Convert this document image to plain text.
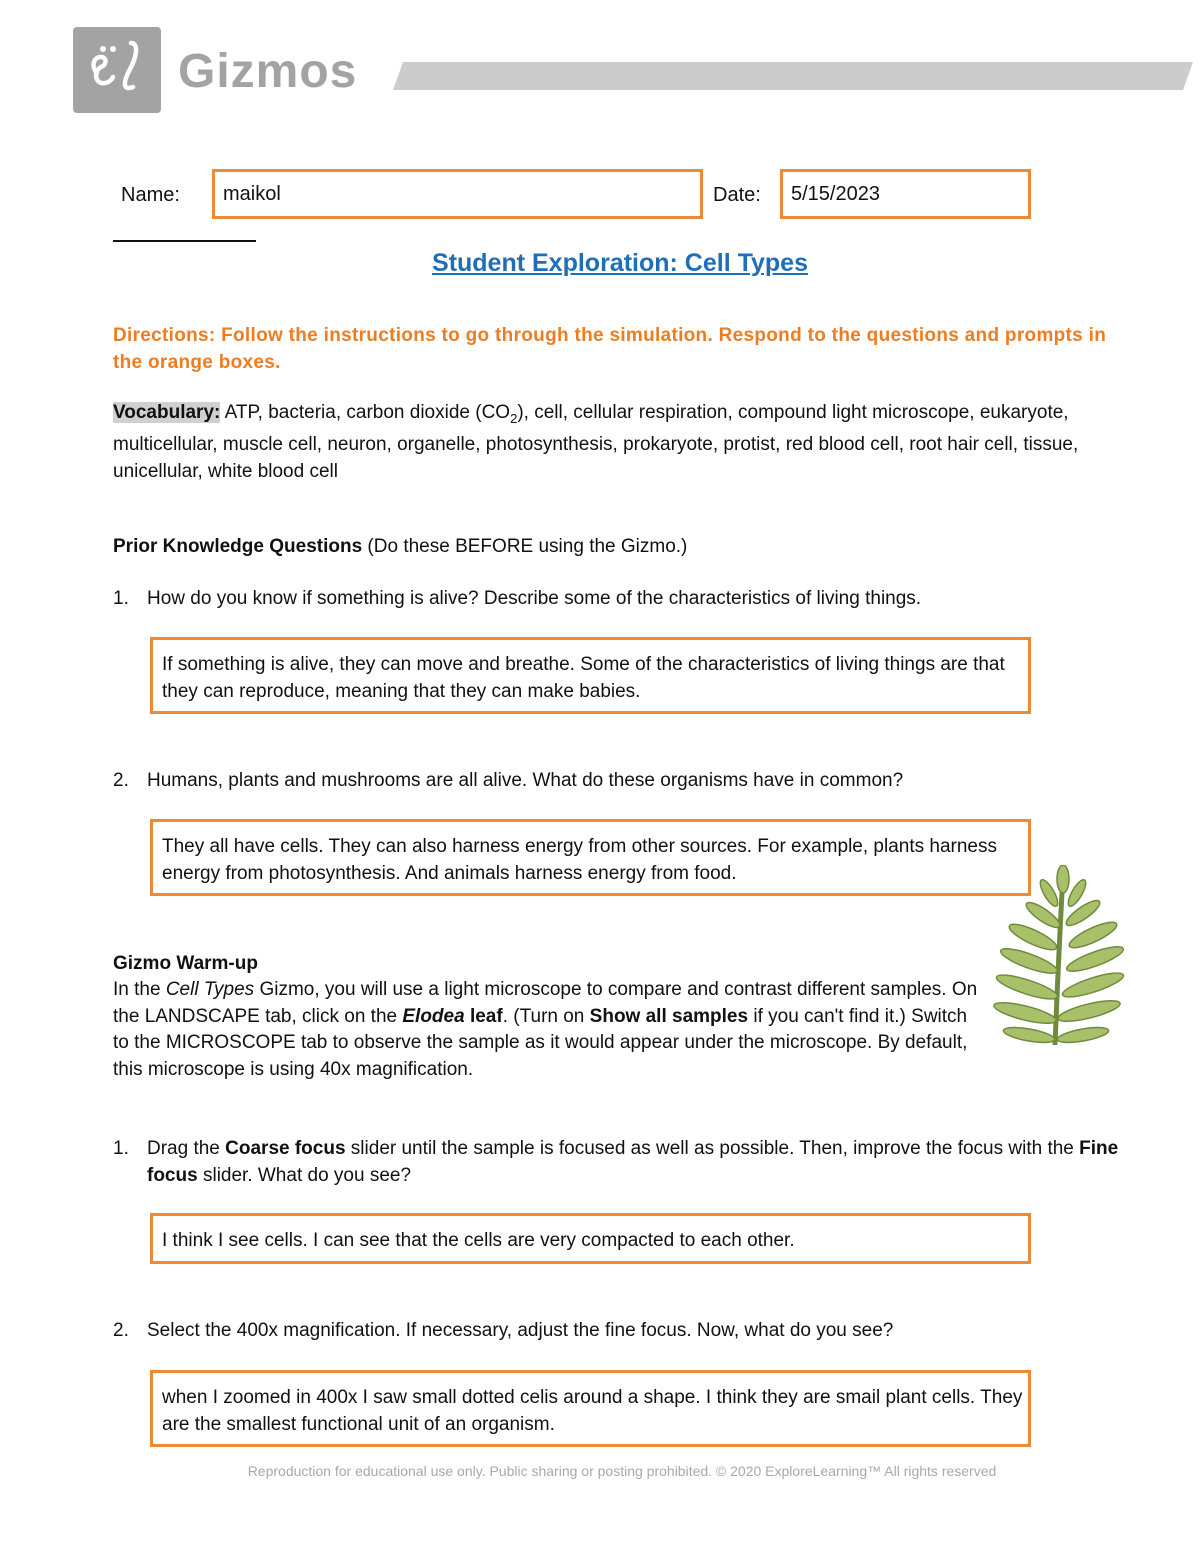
Gizmos
Name: maikol	Date: 5/15/2023
Student Exploration: Cell Types
Directions: Follow the instructions to go through the simulation. Respond to the questions and prompts in the orange boxes.
Vocabulary: ATP, bacteria, carbon dioxide $(CO_2)$, cell, cellular respiration, compound light microscope, eukaryote, multicellular, muscle cell, neuron, organelle, photosynthesis, prokaryote, protist, red blood cell, root hair cell, tissue, unicellular, white blood cell
Prior Knowledge Questions (Do these BEFORE using the Gizmo.)
1. How do you know if something is alive? Describe some of the characteristics of living things.
If something is alive, they can move and breathe. Some of the characteristics of living things are that they can reproduce, meaning that they can make babies.
2. Humans, plants and mushrooms are all alive. What do these organisms have in common?
They all have cells. They can also harness energy from other sources. For example, plants harness energy from photosynthesis. And animals harness energy from food.
Gizmo Warm-up
In the Cell Types Gizmo, you will use a light microscope to compare and contrast different samples. On the LANDSCAPE tab, click on the Elodea leaf. (Turn on Show all samples if you can't find it.) Switch to the MICROSCOPE tab to observe the sample as it would appear under the microscope. By default, this microscope is using 40x magnification.
1. Drag the Coarse focus slider until the sample is focused as well as possible. Then, improve the focus with the Fine focus slider. What do you see?
I think I see cells. I can see that the cells are very compacted to each other.
2. Select the 400x magnification. If necessary, adjust the fine focus. Now, what do you see?
when I zoomed in 400x I saw small dotted celis around a shape. I think they are smail plant cells. They are the smallest functional unit of an organism.
Reproduction for educational use only. Public sharing or posting prohibited. © 2020 ExploreLearning™ All rights reserved
